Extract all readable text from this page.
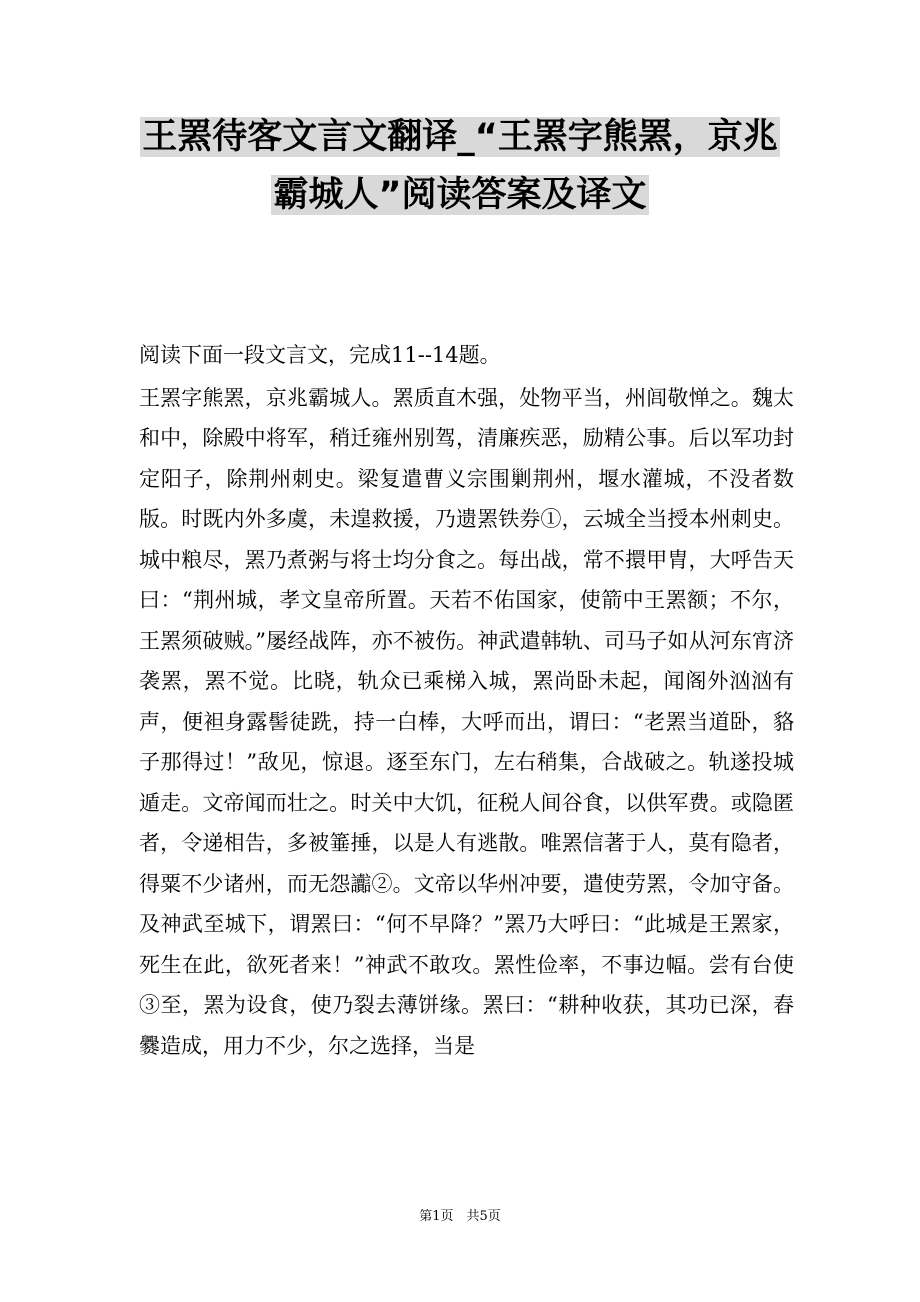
王罴待客文言文翻译_“王罴字熊罴，京兆
霸城人”阅读答案及译文

阅读下面一段文言文，完成11--14题。

王罴字熊罴，京兆霸城人。罴质直木强，处物平当，州闾敬惮之。魏太和中，除殿中将军，稍迁雍州别驾，清廉疾恶，励精公事。后以军功封定阳子，除荆州刺史。梁复遣曹义宗围剿荆州，堰水灌城，不没者数版。时既内外多虞，未遑救援，乃遗罴铁券①，云城全当授本州刺史。城中粮尽，罴乃煮粥与将士均分食之。每出战，常不擐甲胄，大呼告天曰：“荆州城，孝文皇帝所置。天若不佑国家，使箭中王罴额；不尔，王罴须破贼。”屡经战阵，亦不被伤。神武遣韩轨、司马子如从河东宵济袭罴，罴不觉。比晓，轨众已乘梯入城，罴尚卧未起，闻阁外汹汹有声，便袒身露髻徒跣，持一白棒，大呼而出，谓曰：“老罴当道卧，貉子那得过！”敌见，惊退。逐至东门，左右稍集，合战破之。轨遂投城遁走。文帝闻而壮之。时关中大饥，征税人间谷食，以供军费。或隐匿者，令递相告，多被箠捶，以是人有逃散。唯罴信著于人，莫有隐者，得粟不少诸州，而无怨讟②。文帝以华州冲要，遣使劳罴，令加守备。及神武至城下，谓罴曰：“何不早降？”罴乃大呼曰：“此城是王罴家，死生在此，欲死者来！”神武不敢攻。罴性俭率，不事边幅。尝有台使③至，罴为设食，使乃裂去薄饼缘。罴曰：“耕种收获，其功已深，舂爨造成，用力不少，尔之选择，当是

第1页　共5页
